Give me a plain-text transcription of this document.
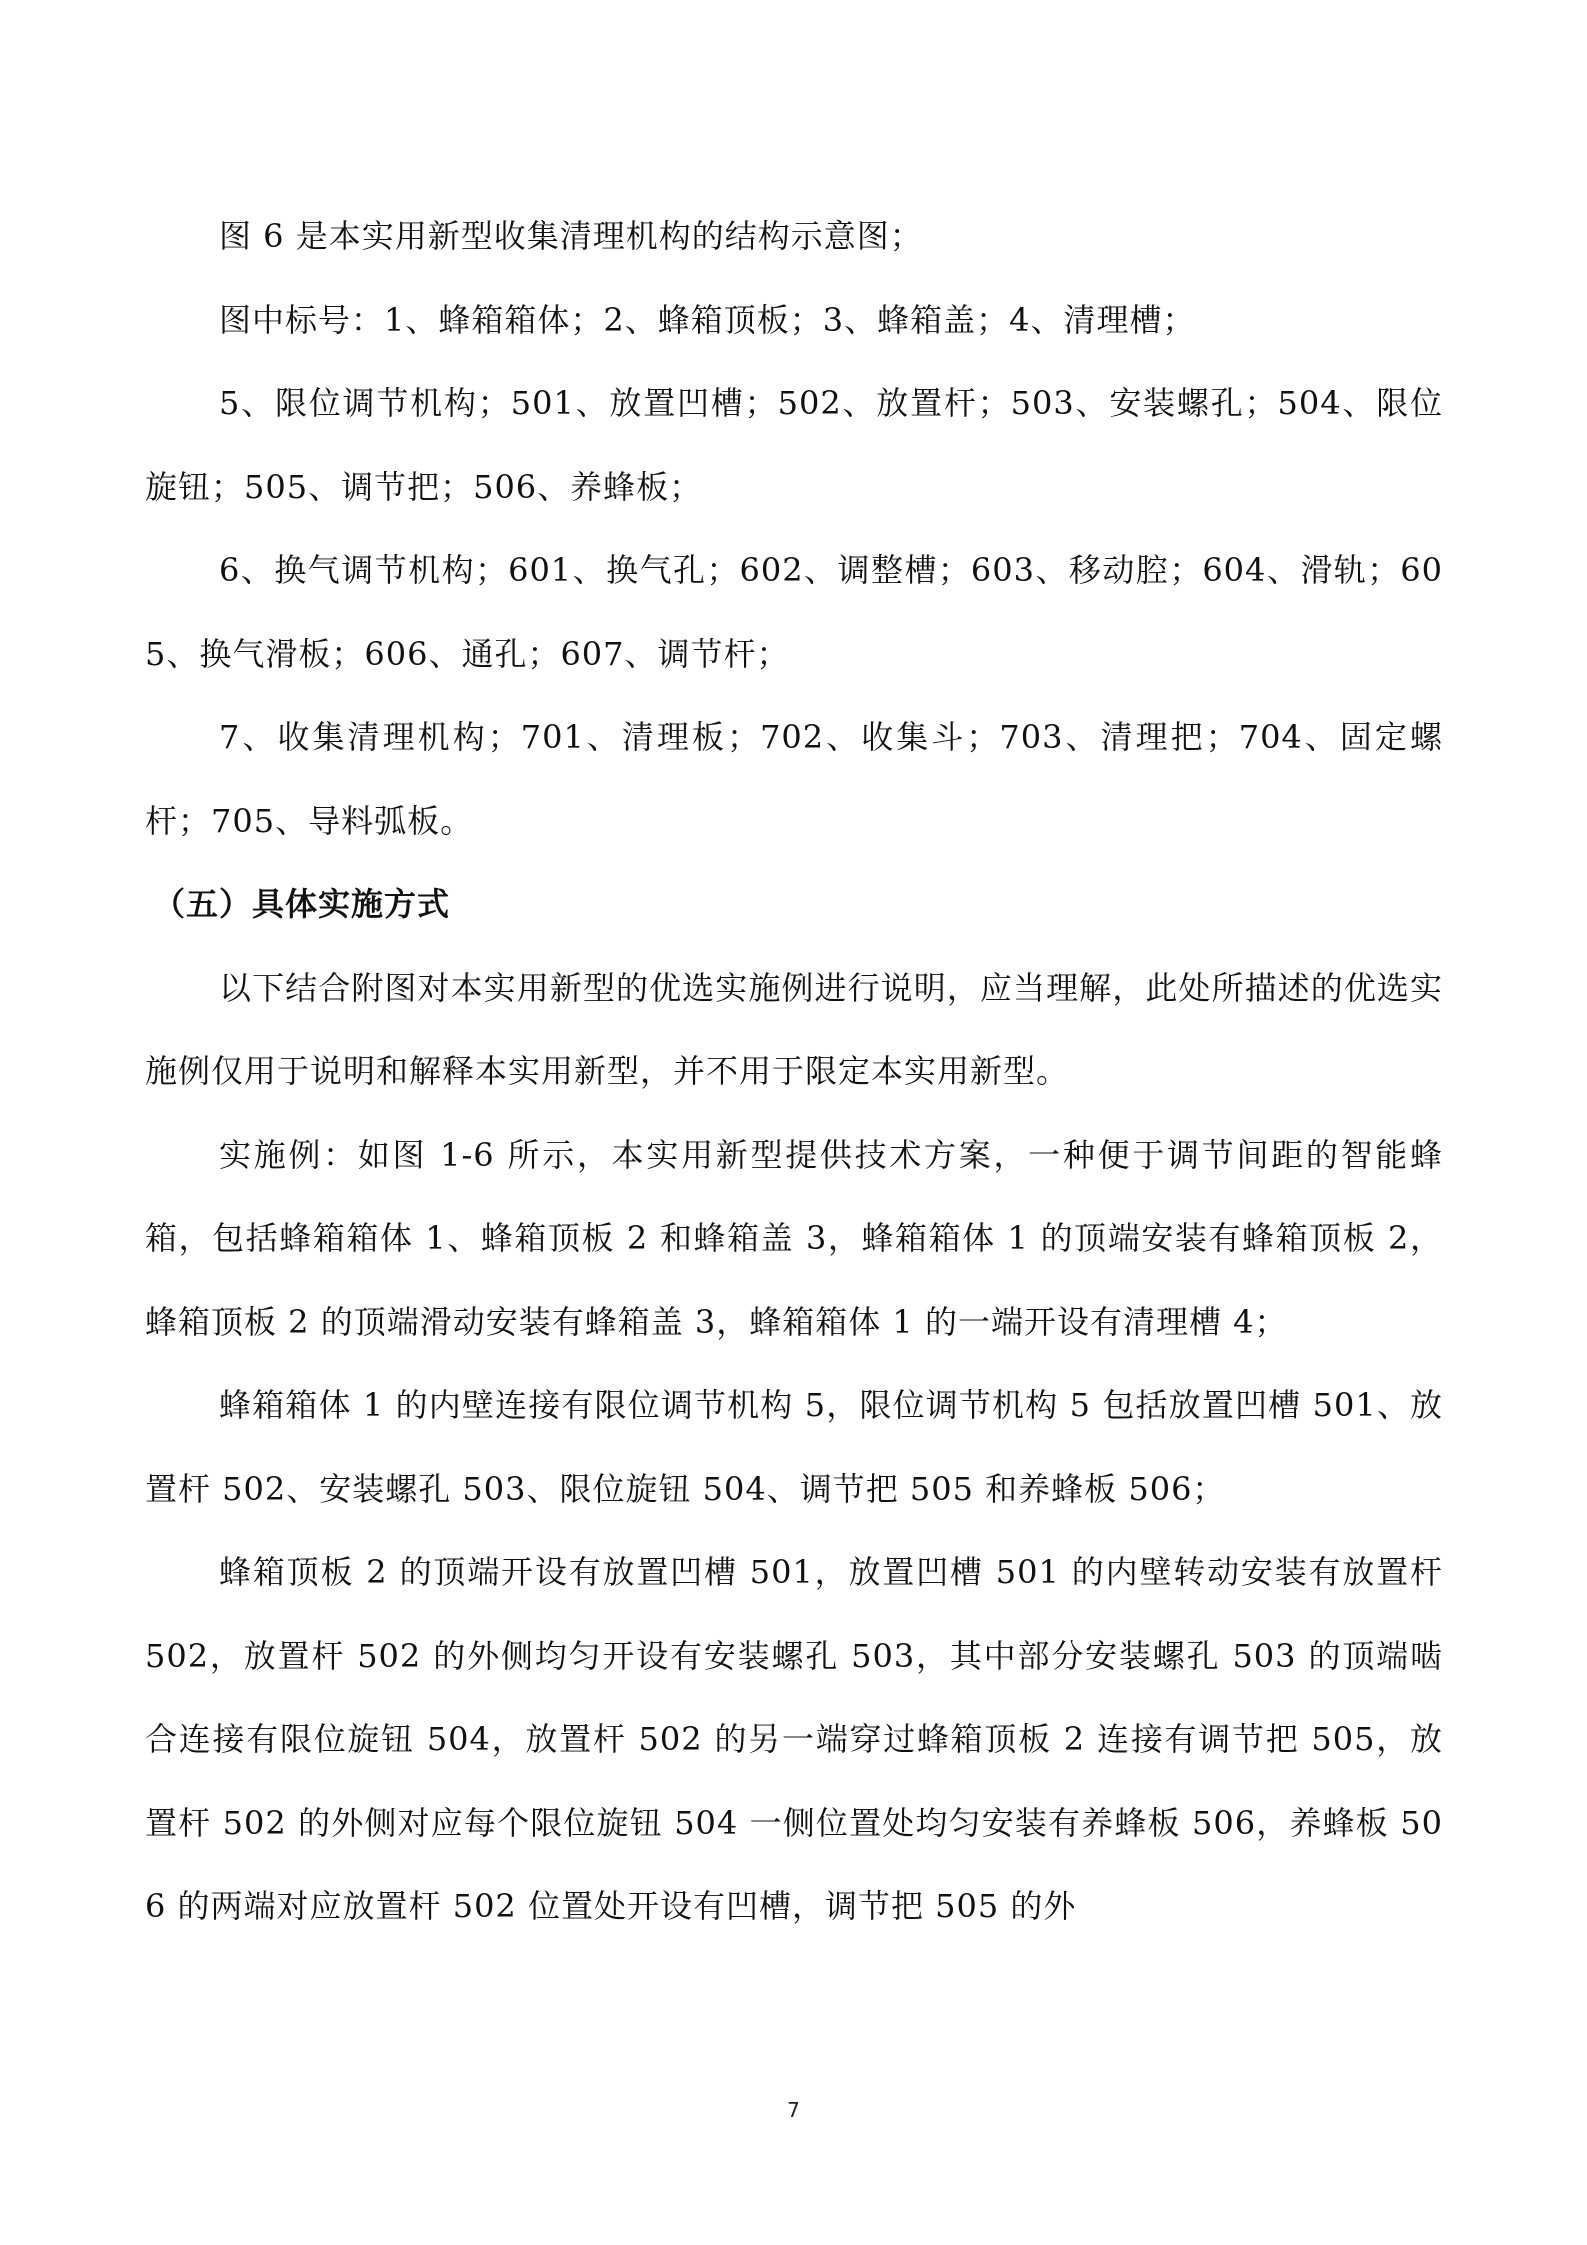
图 6 是本实用新型收集清理机构的结构示意图；

图中标号：1、蜂箱箱体；2、蜂箱顶板；3、蜂箱盖；4、清理槽；

5、限位调节机构；501、放置凹槽；502、放置杆；503、安装螺孔；504、限位旋钮；505、调节把；506、养蜂板；

6、换气调节机构；601、换气孔；602、调整槽；603、移动腔；604、滑轨；605、换气滑板；606、通孔；607、调节杆；

7、收集清理机构；701、清理板；702、收集斗；703、清理把；704、固定螺杆；705、导料弧板。

（五）具体实施方式

以下结合附图对本实用新型的优选实施例进行说明，应当理解，此处所描述的优选实施例仅用于说明和解释本实用新型，并不用于限定本实用新型。

实施例：如图 1-6 所示，本实用新型提供技术方案，一种便于调节间距的智能蜂箱，包括蜂箱箱体 1、蜂箱顶板 2 和蜂箱盖 3，蜂箱箱体 1 的顶端安装有蜂箱顶板 2，蜂箱顶板 2 的顶端滑动安装有蜂箱盖 3，蜂箱箱体 1 的一端开设有清理槽 4；

蜂箱箱体 1 的内壁连接有限位调节机构 5，限位调节机构 5 包括放置凹槽 501、放置杆 502、安装螺孔 503、限位旋钮 504、调节把 505 和养蜂板 506；

蜂箱顶板 2 的顶端开设有放置凹槽 501，放置凹槽 501 的内壁转动安装有放置杆 502，放置杆 502 的外侧均匀开设有安装螺孔 503，其中部分安装螺孔 503 的顶端啮合连接有限位旋钮 504，放置杆 502 的另一端穿过蜂箱顶板 2 连接有调节把 505，放置杆 502 的外侧对应每个限位旋钮 504 一侧位置处均匀安装有养蜂板 506，养蜂板 506 的两端对应放置杆 502 位置处开设有凹槽，调节把 505 的外

7
